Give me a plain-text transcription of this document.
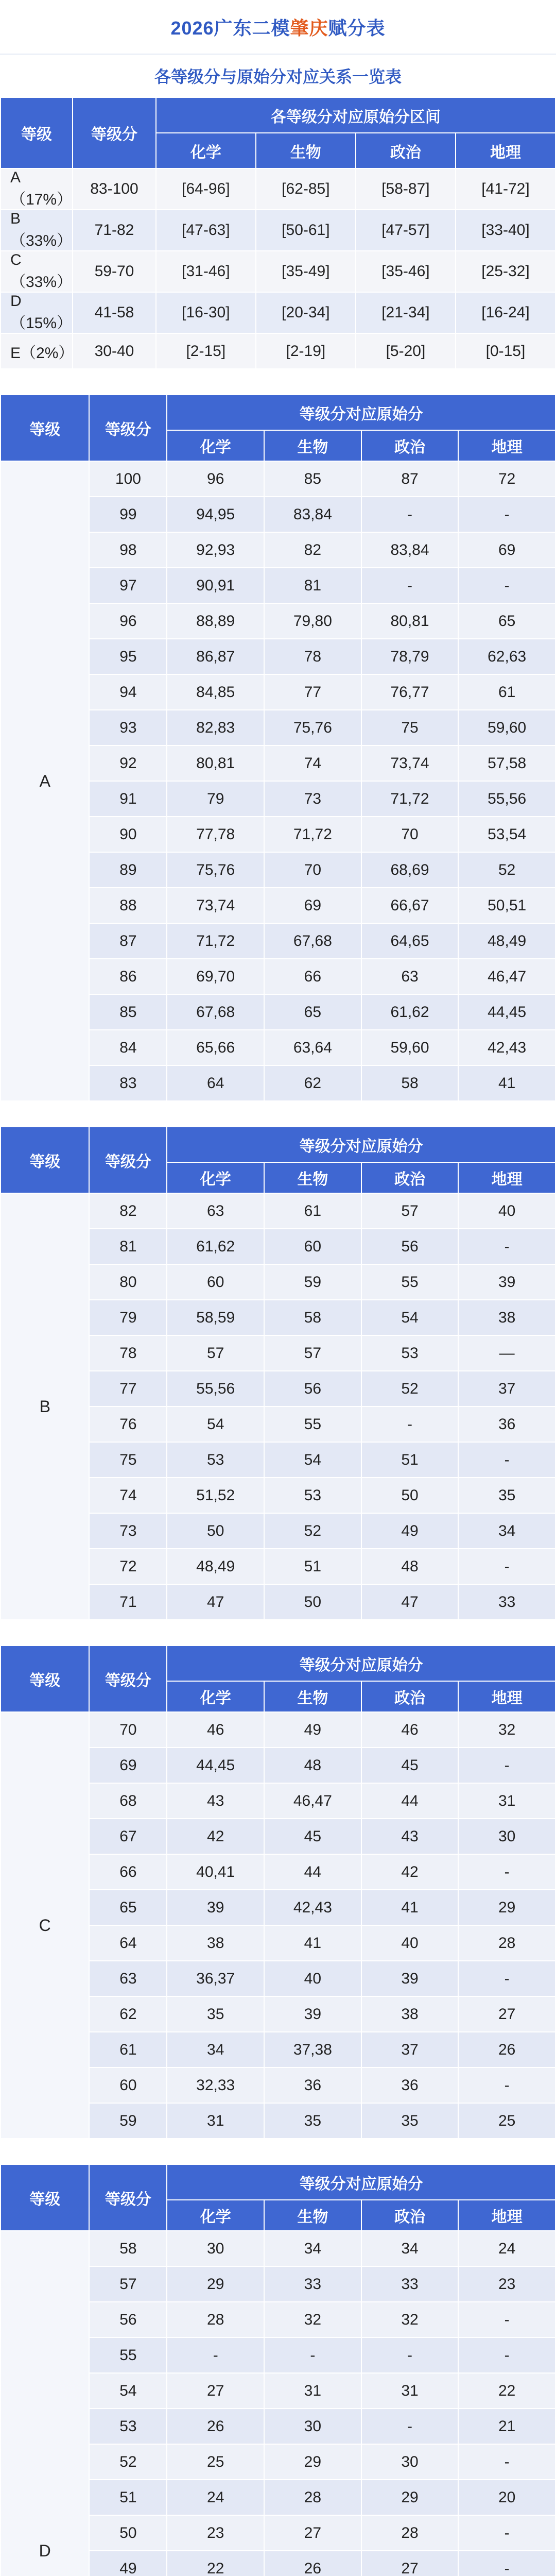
2026广东二模 肇庆 赋分表
各等级分与原始分对应关系一览表
等级	等级分	各等级分对应原始分区间			
		化学	生物	政治	地理
A（17%）	83-100	[64-96]	[62-85]	[58-87]	[41-72]
B（33%）	71-82	[47-63]	[50-61]	[47-57]	[33-40]
C（33%）	59-70	[31-46]	[35-49]	[35-46]	[25-32]
D（15%）	41-58	[16-30]	[20-34]	[21-34]	[16-24]
E（2%）	30-40	[2-15]	[2-19]	[5-20]	[0-15]
等级	等级分	等级分对应原始分			
		化学	生物	政治	地理
A	100	96	85	87	72
	99	94,95	83,84	-	-
	98	92,93	82	83,84	69
	97	90,91	81	-	-
	96	88,89	79,80	80,81	65
	95	86,87	78	78,79	62,63
	94	84,85	77	76,77	61
	93	82,83	75,76	75	59,60
	92	80,81	74	73,74	57,58
	91	79	73	71,72	55,56
	90	77,78	71,72	70	53,54
	89	75,76	70	68,69	52
	88	73,74	69	66,67	50,51
	87	71,72	67,68	64,65	48,49
	86	69,70	66	63	46,47
	85	67,68	65	61,62	44,45
	84	65,66	63,64	59,60	42,43
	83	64	62	58	41
等级	等级分	等级分对应原始分			
		化学	生物	政治	地理
B	82	63	61	57	40
	81	61,62	60	56	-
	80	60	59	55	39
	79	58,59	58	54	38
	78	57	57	53	—
	77	55,56	56	52	37
	76	54	55	-	36
	75	53	54	51	-
	74	51,52	53	50	35
	73	50	52	49	34
	72	48,49	51	48	-
	71	47	50	47	33
等级	等级分	等级分对应原始分			
		化学	生物	政治	地理
C	70	46	49	46	32
	69	44,45	48	45	-
	68	43	46,47	44	31
	67	42	45	43	30
	66	40,41	44	42	-
	65	39	42,43	41	29
	64	38	41	40	28
	63	36,37	40	39	-
	62	35	39	38	27
	61	34	37,38	37	26
	60	32,33	36	36	-
	59	31	35	35	25
等级	等级分	等级分对应原始分			
		化学	生物	政治	地理
D	58	30	34	34	24
	57	29	33	33	23
	56	28	32	32	-
	55	-	-	-	-
	54	27	31	31	22
	53	26	30	-	21
	52	25	29	30	-
	51	24	28	29	20
	50	23	27	28	-
	49	22	26	27	-
